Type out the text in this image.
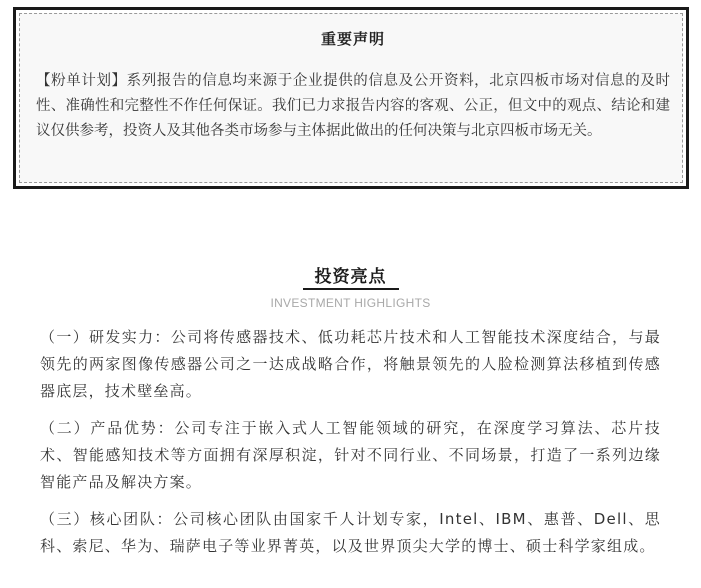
重要声明

【粉单计划】系列报告的信息均来源于企业提供的信息及公开资料，北京四板市场对信息的及时性、准确性和完整性不作任何保证。我们已力求报告内容的客观、公正，但文中的观点、结论和建议仅供参考，投资人及其他各类市场参与主体据此做出的任何决策与北京四板市场无关。

投资亮点
INVESTMENT HIGHLIGHTS
（一）研发实力：公司将传感器技术、低功耗芯片技术和人工智能技术深度结合，与最领先的两家图像传感器公司之一达成战略合作，将触景领先的人脸检测算法移植到传感器底层，技术壁垒高。
（二）产品优势：公司专注于嵌入式人工智能领域的研究，在深度学习算法、芯片技术、智能感知技术等方面拥有深厚积淀，针对不同行业、不同场景，打造了一系列边缘智能产品及解决方案。
（三）核心团队：公司核心团队由国家千人计划专家，Intel、IBM、惠普、Dell、思科、索尼、华为、瑞萨电子等业界菁英，以及世界顶尖大学的博士、硕士科学家组成。
